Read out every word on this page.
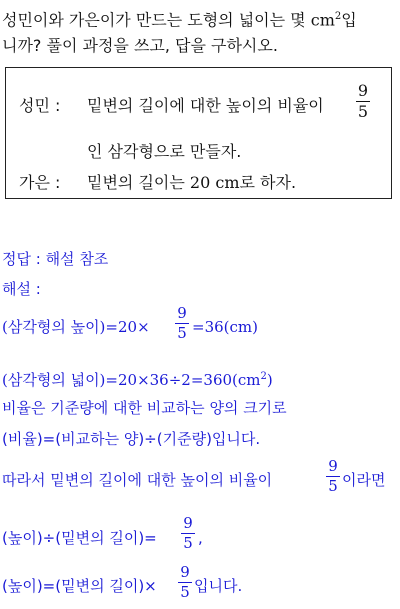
성민이와 가은이가 만드는 도형의 넓이는 몇 $cm^2$입
니까? 풀이 과정을 쓰고, 답을 구하시오.
성민 : 밑변의 길이에 대한 높이의 비율이
9
5
인 삼각형으로 만들자.
가은 : 밑변의 길이는 20 cm로 하자.
정답 : 해설 참조
해설 :
(삼각형의 높이)=20×
9
5 =36(cm)
(삼각형의 넓이)$=20\times 36\div 2=360(cm^2)$
비율은 기준량에 대한 비교하는 양의 크기로
(비율)=(비교하는 양)÷(기준량)입니다.
따라서 밑변의 길이에 대한 높이의 비율이
9
5 이라면
(높이)÷(밑변의 길이)=
9
5 ,
(높이)=(밑변의 길이)×
9
5 입니다.
